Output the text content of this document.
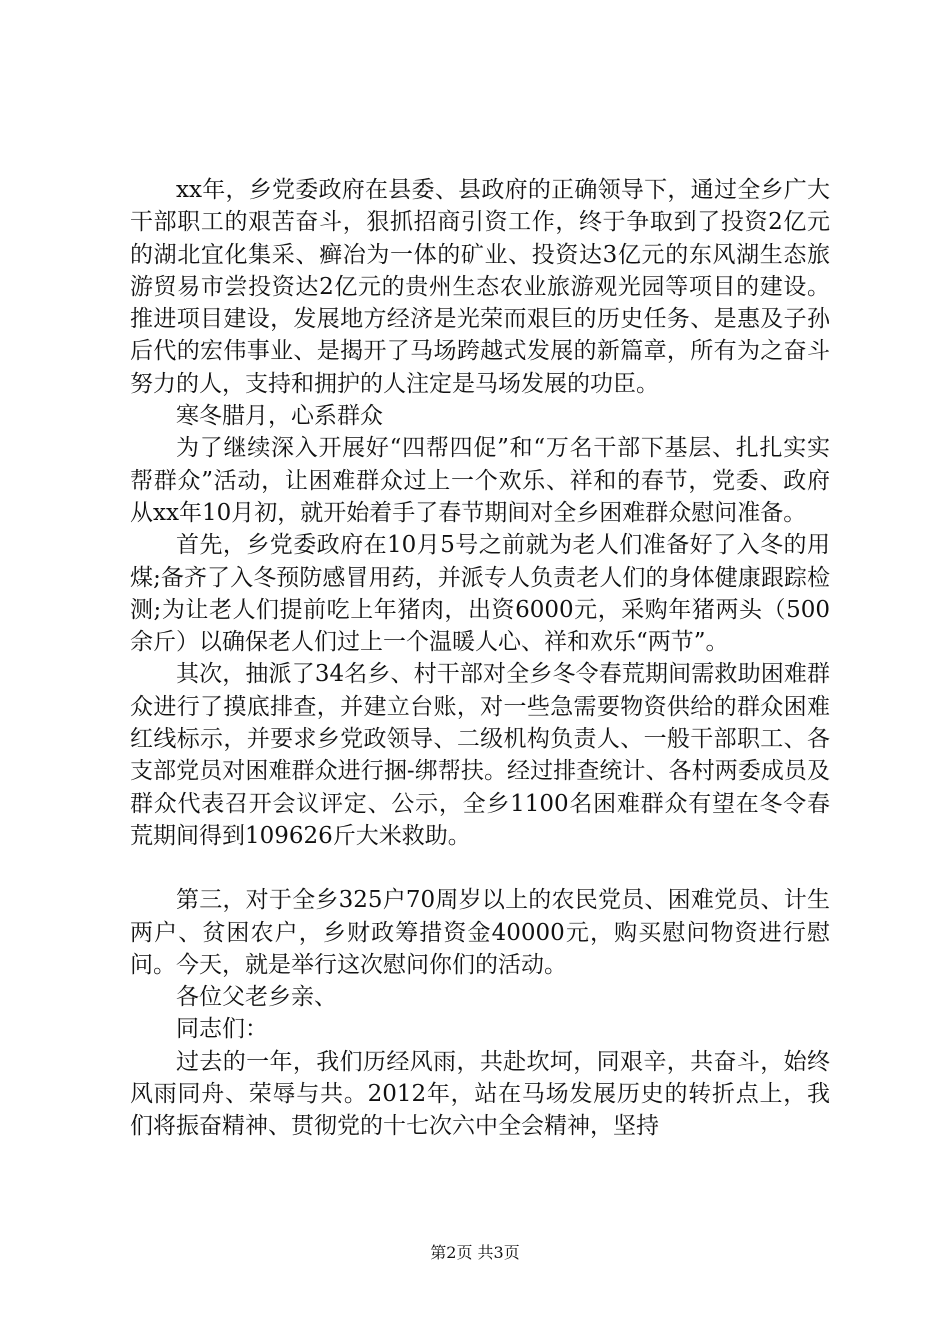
xx年，乡党委政府在县委、县政府的正确领导下，通过全乡广大干部职工的艰苦奋斗，狠抓招商引资工作，终于争取到了投资2亿元的湖北宜化集采、癣冶为一体的矿业、投资达3亿元的东风湖生态旅游贸易市尝投资达2亿元的贵州生态农业旅游观光园等项目的建设。推进项目建设，发展地方经济是光荣而艰巨的历史任务、是惠及子孙后代的宏伟事业、是揭开了马场跨越式发展的新篇章，所有为之奋斗努力的人，支持和拥护的人注定是马场发展的功臣。

寒冬腊月，心系群众

为了继续深入开展好“四帮四促”和“万名干部下基层、扎扎实实帮群众”活动，让困难群众过上一个欢乐、祥和的春节，党委、政府从xx年10月初，就开始着手了春节期间对全乡困难群众慰问准备。

首先，乡党委政府在10月5号之前就为老人们准备好了入冬的用煤;备齐了入冬预防感冒用药，并派专人负责老人们的身体健康跟踪检测;为让老人们提前吃上年猪肉，出资6000元，采购年猪两头（500余斤）以确保老人们过上一个温暖人心、祥和欢乐“两节”。

其次，抽派了34名乡、村干部对全乡冬令春荒期间需救助困难群众进行了摸底排查，并建立台账，对一些急需要物资供给的群众困难红线标示，并要求乡党政领导、二级机构负责人、一般干部职工、各支部党员对困难群众进行捆-绑帮扶。经过排查统计、各村两委成员及群众代表召开会议评定、公示，全乡1100名困难群众有望在冬令春荒期间得到109626斤大米救助。

第三，对于全乡325户70周岁以上的农民党员、困难党员、计生两户、贫困农户，乡财政筹措资金40000元，购买慰问物资进行慰问。今天，就是举行这次慰问你们的活动。

各位父老乡亲、

同志们：

过去的一年，我们历经风雨，共赴坎坷，同艰辛，共奋斗，始终风雨同舟、荣辱与共。2012年，站在马场发展历史的转折点上，我们将振奋精神、贯彻党的十七次六中全会精神，坚持

第2页 共3页
